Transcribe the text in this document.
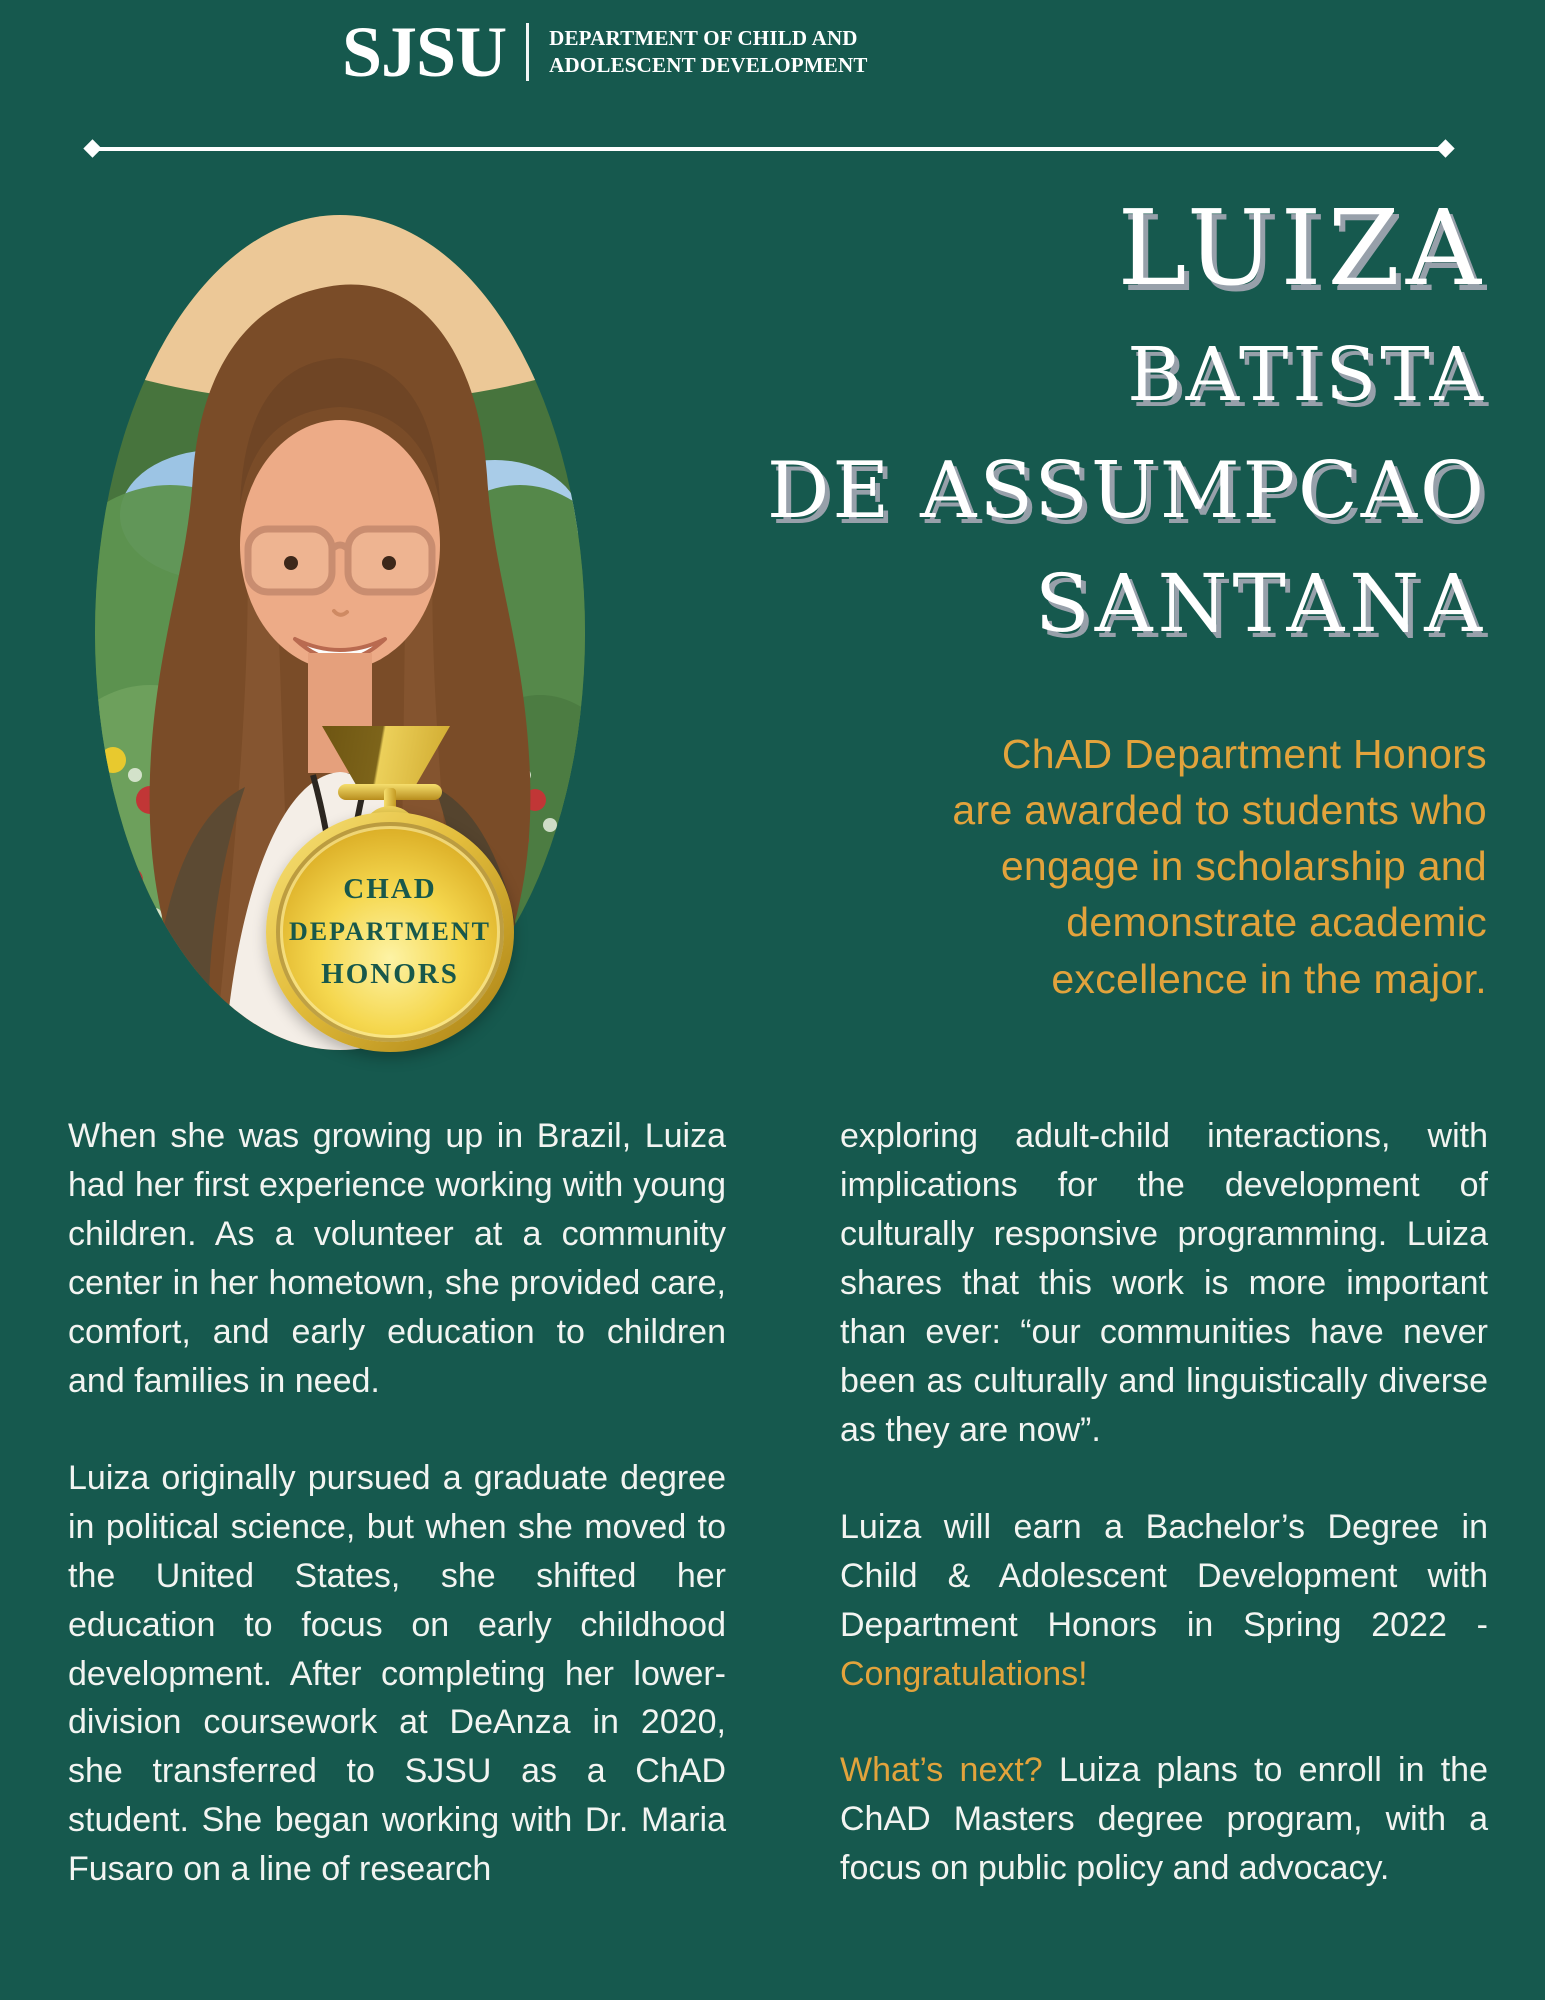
SJSU DEPARTMENT OF CHILD AND
ADOLESCENT DEVELOPMENT
CHAD
DEPARTMENT
HONORS
LUIZA
BATISTA
DE ASSUMPCAO
SANTANA
ChAD Department Honors
are awarded to students who
engage in scholarship and
demonstrate academic
excellence in the major.

When she was growing up in Brazil, Luiza had her first experience working with young children. As a volunteer at a community center in her hometown, she provided care, comfort, and early education to children and families in need.

Luiza originally pursued a graduate degree in political science, but when she moved to the United States, she shifted her education to focus on early childhood development. After completing her lower-division coursework at DeAnza in 2020, she transferred to SJSU as a ChAD student. She began working with Dr. Maria Fusaro on a line of research

exploring adult-child interactions, with implications for the development of culturally responsive programming. Luiza shares that this work is more important than ever: “our communities have never been as culturally and linguistically diverse as they are now”.

Luiza will earn a Bachelor’s Degree in Child & Adolescent Development with Department Honors in Spring 2022 - Congratulations!

What’s next? Luiza plans to enroll in the ChAD Masters degree program, with a focus on public policy and advocacy.
